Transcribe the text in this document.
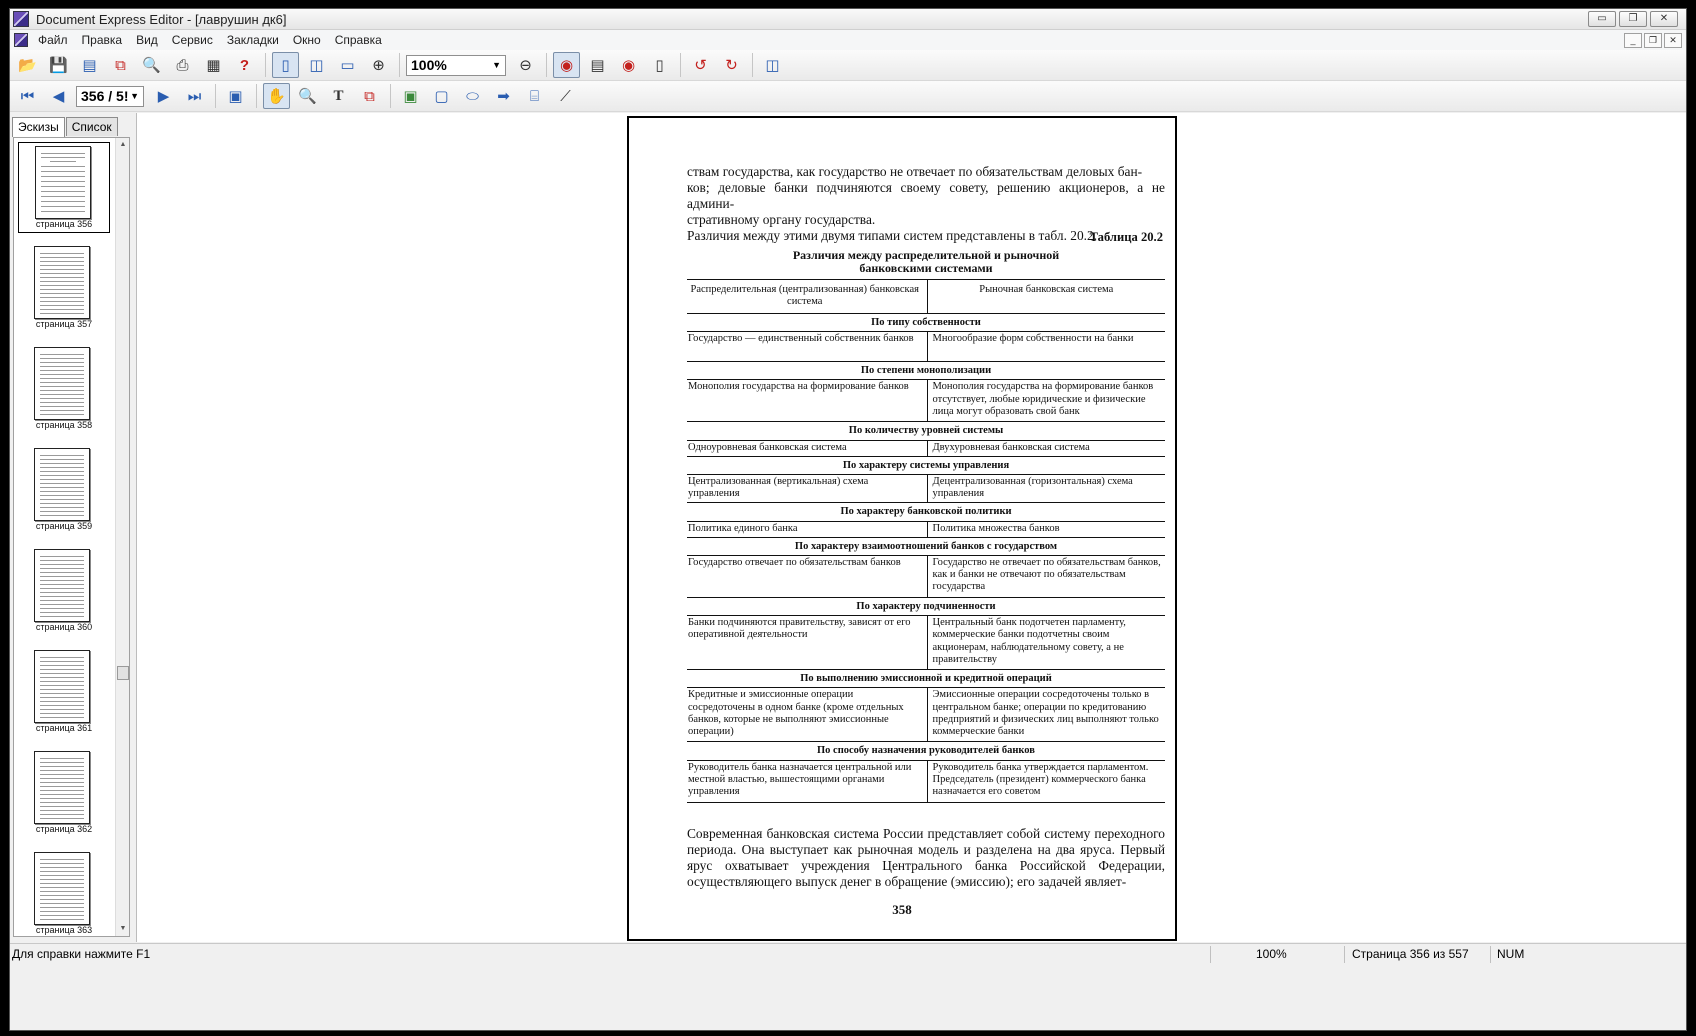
Document Express Editor - [лаврушин дк6]	▭	❐	✕
Файл	Правка	Вид	Сервис	Закладки	Окно	Справка	_	❐	✕
📂 💾 ▤	⧉	🔍	⎙	▦	?	▯	◫	▭	⊕	100%	▼	⊖	◉	▤	◉	▯	↺	↻	◫
⏮	◀	356 / 5! ▼	▶	⏭	▣	✋ 🔍	T	⧉	▣	▢	⬭	➡	⌸	⟋
Эскизы	Список
страница 356
страница 357
страница 358
страница 359
страница 360
страница 361
страница 362
страница 363
▲
▼

ствам государства, как государство не отвечает по обязательствам деловых бан-

ков; деловые банки подчиняются своему совету, решению акционеров, а не админи-

стративному органу государства.

Различия между этими двумя типами систем представлены в табл. 20.2.

Таблица 20.2
Различия между распределительной и рыночной
банковскими системами
Распределительная (централизованная) банковская система	Рыночная банковская система
По типу собственности	
Государство — единственный собственник банков	Многообразие форм собственности на банки
По степени монополизации	
Монополия государства на формирование банков	Монополия государства на формирование банков отсутствует, любые юридические и физические лица могут образовать свой банк
По количеству уровней системы	
Одноуровневая банковская система	Двухуровневая банковская система
По характеру системы управления	
Централизованная (вертикальная) схема управления	Децентрализованная (горизонтальная) схема управления
По характеру банковской политики	
Политика единого банка	Политика множества банков
По характеру взаимоотношений банков с государством	
Государство отвечает по обязательствам банков	Государство не отвечает по обязательствам банков, как и банки не отвечают по обязательствам государства
По характеру подчиненности	
Банки подчиняются правительству, зависят от его оперативной деятельности	Центральный банк подотчетен парламенту, коммерческие банки подотчетны своим акционерам, наблюдательному совету, а не правительству
По выполнению эмиссионной и кредитной операций	
Кредитные и эмиссионные операции сосредоточены в одном банке (кроме отдельных банков, которые не выполняют эмиссионные операции)	Эмиссионные операции сосредоточены только в центральном банке; операции по кредитованию предприятий и физических лиц выполняют только коммерческие банки
По способу назначения руководителей банков	
Руководитель банка назначается центральной или местной властью, вышестоящими органами управления	Руководитель банка утверждается парламентом. Председатель (президент) коммерческого банка назначается его советом

Современная банковская система России представляет собой систему переходного периода. Она выступает как рыночная модель и разделена на два яруса. Первый ярус охватывает учреждения Центрального банка Российской Федерации, осуществляющего выпуск денег в обращение (эмиссию); его задачей являет-

358
Для справки нажмите F1	100%	Страница 356 из 557 NUM
